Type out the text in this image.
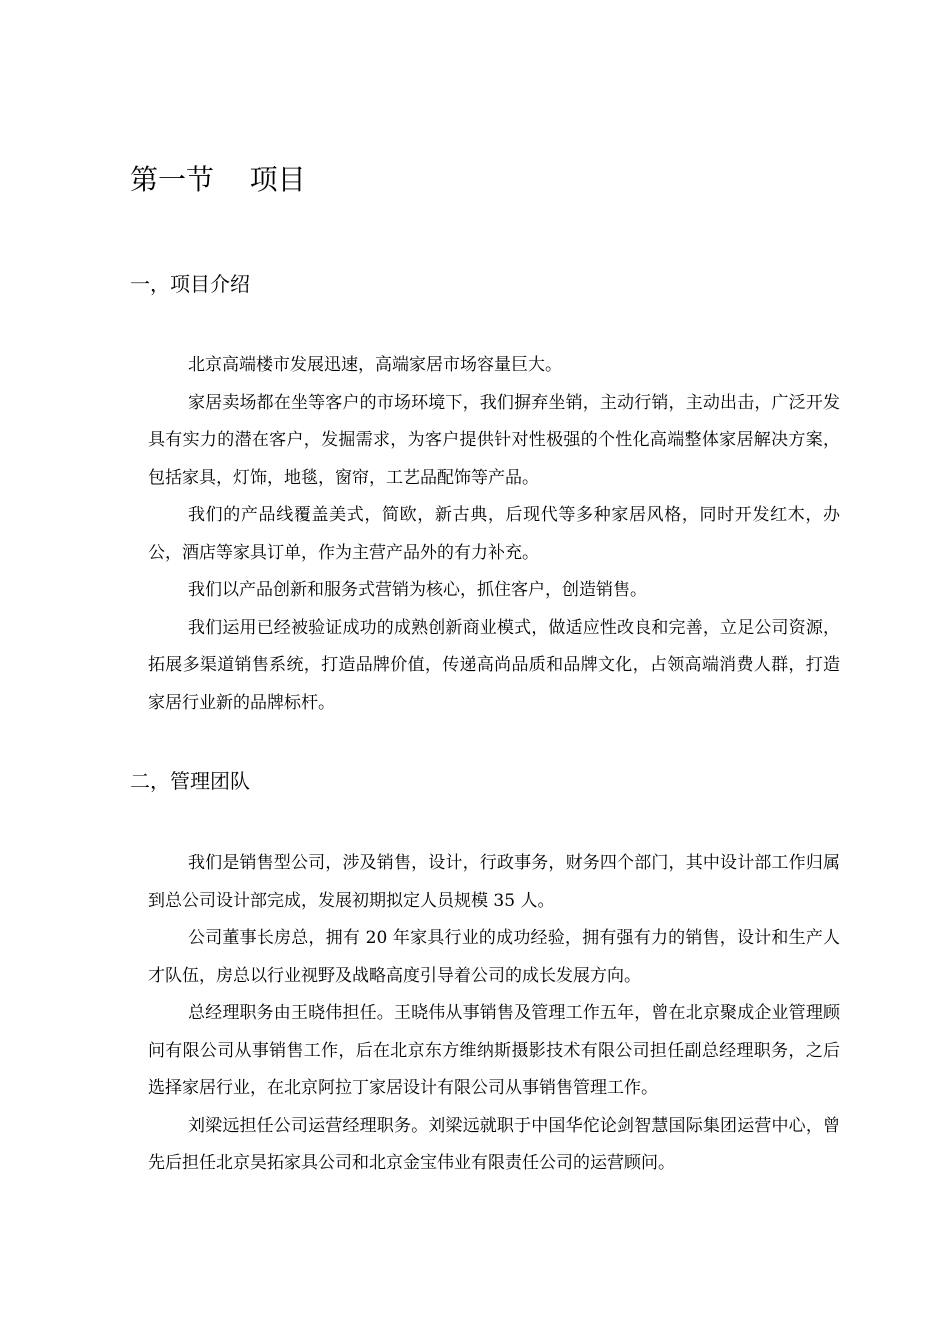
第一节    项目
一，项目介绍

北京高端楼市发展迅速，高端家居市场容量巨大。

家居卖场都在坐等客户的市场环境下，我们摒弃坐销，主动行销，主动出击，广泛开发具有实力的潜在客户，发掘需求，为客户提供针对性极强的个性化高端整体家居解决方案，包括家具，灯饰，地毯，窗帘，工艺品配饰等产品。

我们的产品线覆盖美式，简欧，新古典，后现代等多种家居风格，同时开发红木，办公，酒店等家具订单，作为主营产品外的有力补充。

我们以产品创新和服务式营销为核心，抓住客户，创造销售。

我们运用已经被验证成功的成熟创新商业模式，做适应性改良和完善，立足公司资源，拓展多渠道销售系统，打造品牌价值，传递高尚品质和品牌文化，占领高端消费人群，打造家居行业新的品牌标杆。

二，管理团队

我们是销售型公司，涉及销售，设计，行政事务，财务四个部门，其中设计部工作归属到总公司设计部完成，发展初期拟定人员规模 35 人。

公司董事长房总，拥有 20 年家具行业的成功经验，拥有强有力的销售，设计和生产人才队伍，房总以行业视野及战略高度引导着公司的成长发展方向。

总经理职务由王晓伟担任。王晓伟从事销售及管理工作五年，曾在北京聚成企业管理顾问有限公司从事销售工作，后在北京东方维纳斯摄影技术有限公司担任副总经理职务，之后选择家居行业，在北京阿拉丁家居设计有限公司从事销售管理工作。

刘梁远担任公司运营经理职务。刘梁远就职于中国华佗论剑智慧国际集团运营中心，曾先后担任北京昊拓家具公司和北京金宝伟业有限责任公司的运营顾问。
